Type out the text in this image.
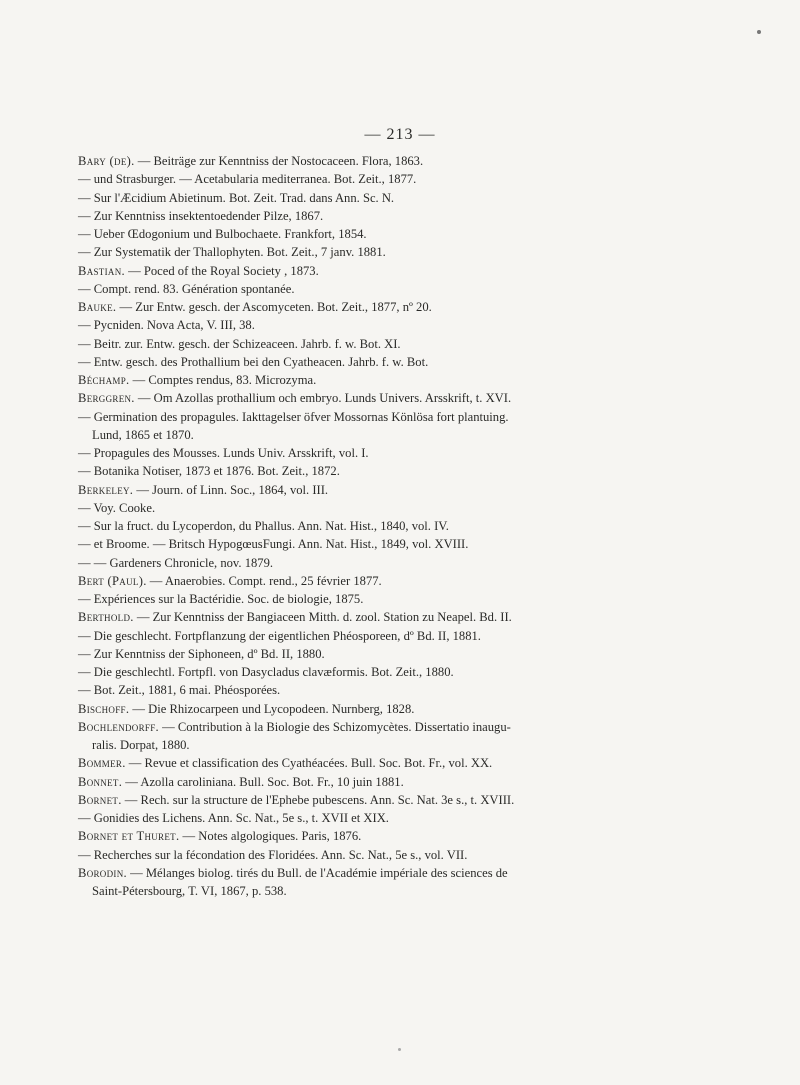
— 213 —
Bary (de). — Beiträge zur Kenntniss der Nostocaceen. Flora, 1863.
— und Strasburger. — Acetabularia mediterranea. Bot. Zeit., 1877.
— Sur l'Æcidium Abietinum. Bot. Zeit. Trad. dans Ann. Sc. N.
— Zur Kenntniss insektentoedender Pilze, 1867.
— Ueber Œdogonium und Bulbochaete. Frankfort, 1854.
— Zur Systematik der Thallophyten. Bot. Zeit., 7 janv. 1881.
Bastian. — Poced of the Royal Society , 1873.
— Compt. rend. 83. Génération spontanée.
Bauke. — Zur Entw. gesch. der Ascomyceten. Bot. Zeit., 1877, nº 20.
— Pycniden. Nova Acta, V. III, 38.
— Beitr. zur. Entw. gesch. der Schizeaceen. Jahrb. f. w. Bot. XI.
— Entw. gesch. des Prothallium bei den Cyatheacen. Jahrb. f. w. Bot.
Béchamp. — Comptes rendus, 83. Microzyma.
Berggren. — Om Azollas prothallium och embryo. Lunds Univers. Arsskrift, t. XVI.
— Germination des propagules. Iakttagelser öfver Mossornas Könlösa fort plantuing.
Lund, 1865 et 1870.
— Propagules des Mousses. Lunds Univ. Arsskrift, vol. I.
— Botanika Notiser, 1873 et 1876. Bot. Zeit., 1872.
Berkeley. — Journ. of Linn. Soc., 1864, vol. III.
— Voy. Cooke.
— Sur la fruct. du Lycoperdon, du Phallus. Ann. Nat. Hist., 1840, vol. IV.
— et Broome. — Britsch HypogœusFungi. Ann. Nat. Hist., 1849, vol. XVIII.
— — Gardeners Chronicle, nov. 1879.
Bert (Paul). — Anaerobies. Compt. rend., 25 février 1877.
— Expériences sur la Bactéridie. Soc. de biologie, 1875.
Berthold. — Zur Kenntniss der Bangiaceen Mitth. d. zool. Station zu Neapel. Bd. II.
— Die geschlecht. Fortpflanzung der eigentlichen Phéosporeen, dº Bd. II, 1881.
— Zur Kenntniss der Siphoneen, dº Bd. II, 1880.
— Die geschlechtl. Fortpfl. von Dasycladus clavæformis. Bot. Zeit., 1880.
— Bot. Zeit., 1881, 6 mai. Phéosporées.
Bischoff. — Die Rhizocarpeen und Lycopodeen. Nurnberg, 1828.
Bochlendorff. — Contribution à la Biologie des Schizomycètes. Dissertatio inaugu-
ralis. Dorpat, 1880.
Bommer. — Revue et classification des Cyathéacées. Bull. Soc. Bot. Fr., vol. XX.
Bonnet. — Azolla caroliniana. Bull. Soc. Bot. Fr., 10 juin 1881.
Bornet. — Rech. sur la structure de l'Ephebe pubescens. Ann. Sc. Nat. 3e s., t. XVIII.
— Gonidies des Lichens. Ann. Sc. Nat., 5e s., t. XVII et XIX.
Bornet et Thuret. — Notes algologiques. Paris, 1876.
— Recherches sur la fécondation des Floridées. Ann. Sc. Nat., 5e s., vol. VII.
Borodin. — Mélanges biolog. tirés du Bull. de l'Académie impériale des sciences de
Saint-Pétersbourg, T. VI, 1867, p. 538.
